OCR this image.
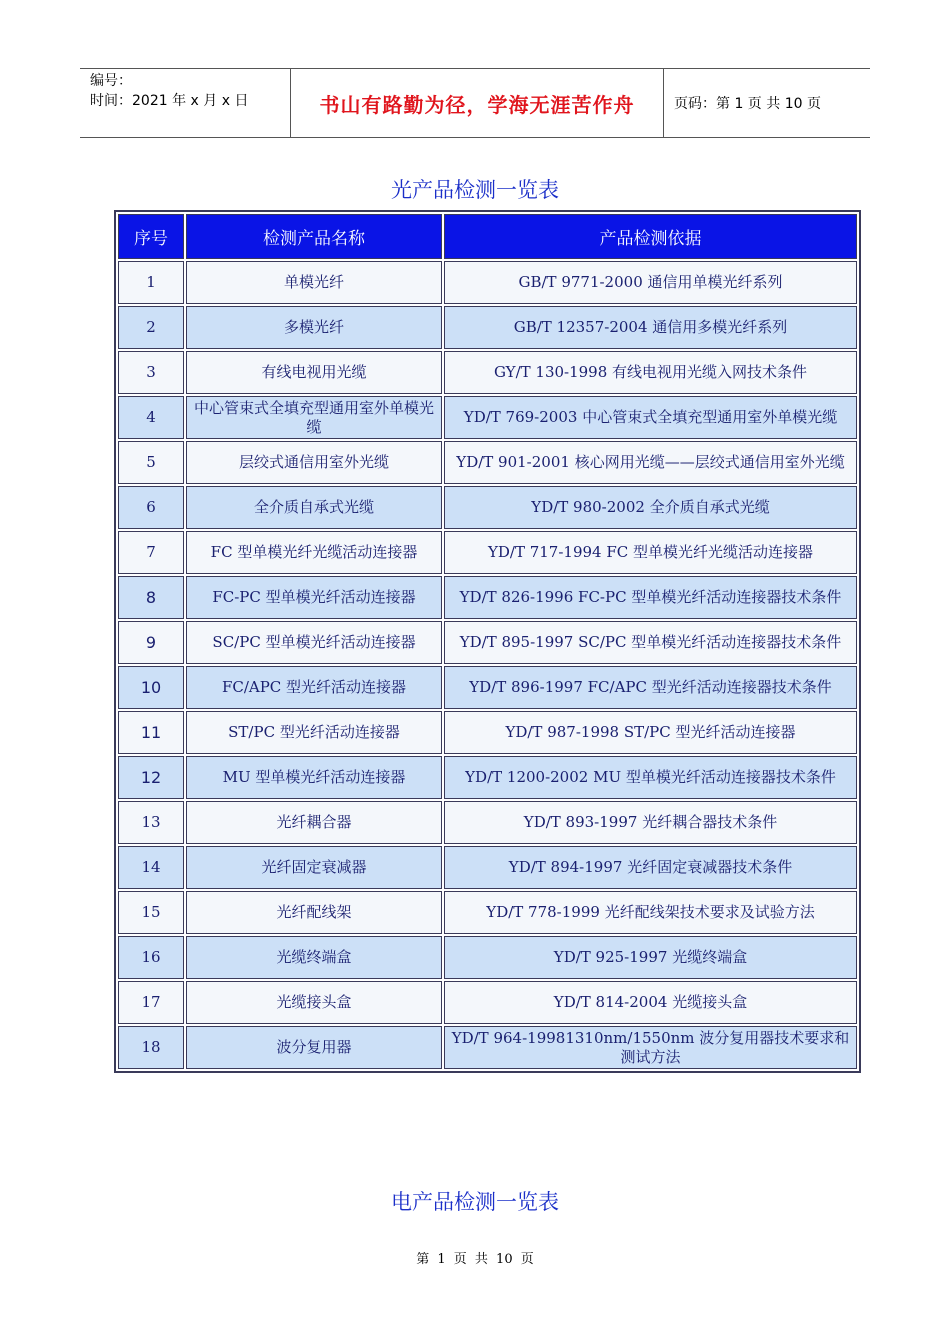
编号：
时间：2021 年 x 月 x 日	书山有路勤为径，学海无涯苦作舟	页码：第 1 页 共 10 页
光产品检测一览表
序号	检测产品名称	产品检测依据
1	单模光纤	GB/T 9771-2000 通信用单模光纤系列
2	多模光纤	GB/T 12357-2004 通信用多模光纤系列
3	有线电视用光缆	GY/T 130-1998 有线电视用光缆入网技术条件
4	中心管束式全填充型通用室外单模光缆	YD/T 769-2003 中心管束式全填充型通用室外单模光缆
5	层绞式通信用室外光缆	YD/T 901-2001 核心网用光缆——层绞式通信用室外光缆
6	全介质自承式光缆	YD/T 980-2002 全介质自承式光缆
7	FC 型单模光纤光缆活动连接器	YD/T 717-1994 FC 型单模光纤光缆活动连接器
8	FC-PC 型单模光纤活动连接器	YD/T 826-1996 FC-PC 型单模光纤活动连接器技术条件
9	SC/PC 型单模光纤活动连接器	YD/T 895-1997 SC/PC 型单模光纤活动连接器技术条件
10	FC/APC 型光纤活动连接器	YD/T 896-1997 FC/APC 型光纤活动连接器技术条件
11	ST/PC 型光纤活动连接器	YD/T 987-1998 ST/PC 型光纤活动连接器
12	MU 型单模光纤活动连接器	YD/T 1200-2002 MU 型单模光纤活动连接器技术条件
13	光纤耦合器	YD/T 893-1997 光纤耦合器技术条件
14	光纤固定衰减器	YD/T 894-1997 光纤固定衰减器技术条件
15	光纤配线架	YD/T 778-1999 光纤配线架技术要求及试验方法
16	光缆终端盒	YD/T 925-1997 光缆终端盒
17	光缆接头盒	YD/T 814-2004 光缆接头盒
18	波分复用器	YD/T 964-19981310nm/1550nm 波分复用器技术要求和测试方法
电产品检测一览表
第 1 页 共 10 页
